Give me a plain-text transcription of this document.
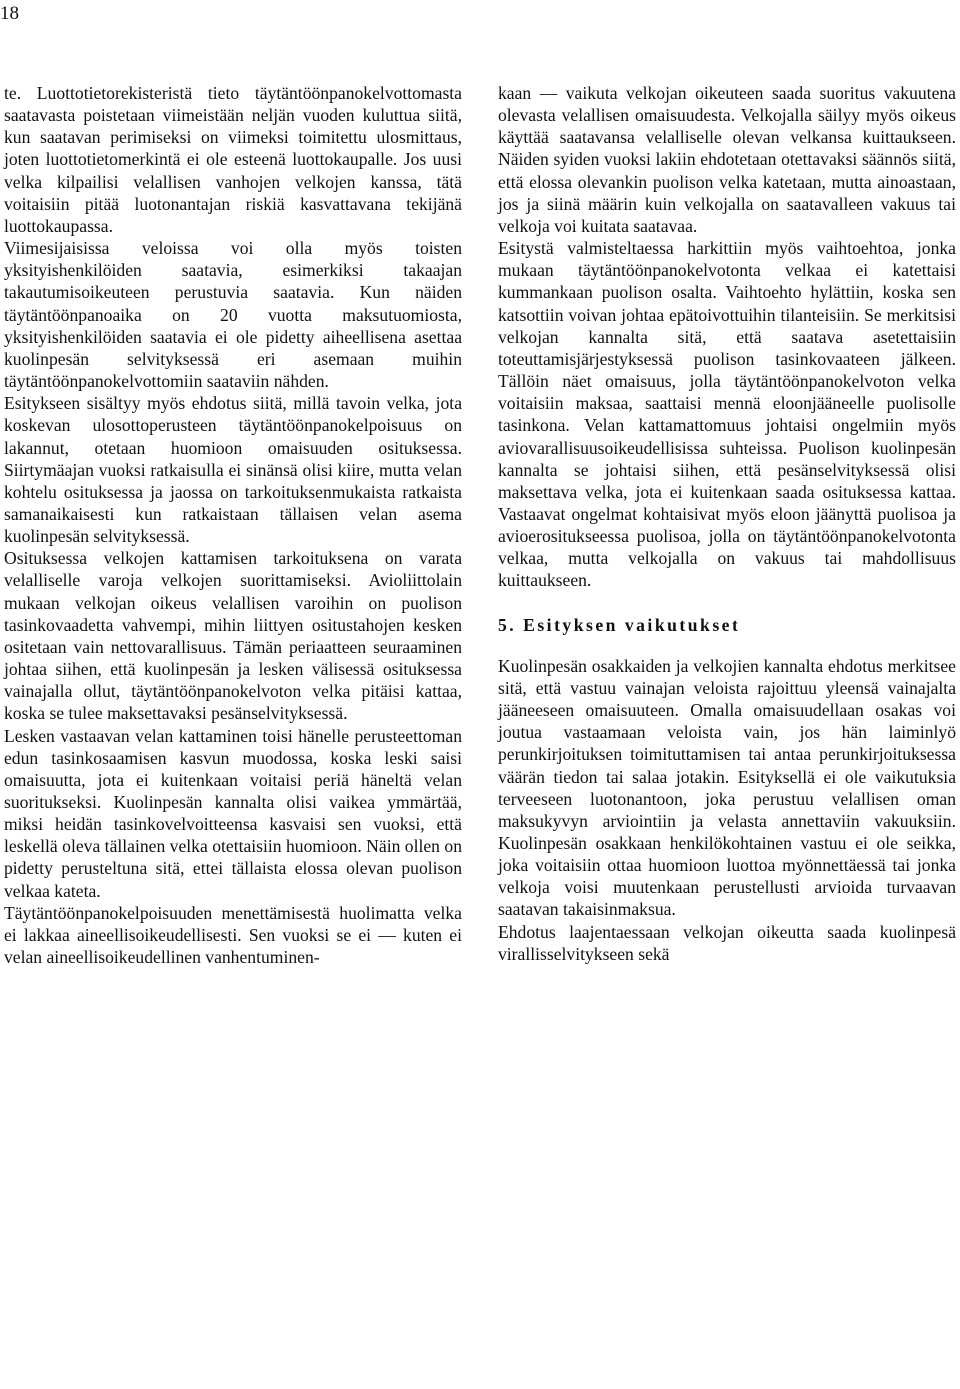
18

te. Luottotietorekisteristä tieto täytäntöönpanokelvottomasta saatavasta poistetaan viimeistään neljän vuoden kuluttua siitä, kun saatavan perimiseksi on viimeksi toimitettu ulosmittaus, joten luottotietomerkintä ei ole esteenä luottokaupalle. Jos uusi velka kilpailisi velallisen vanhojen velkojen kanssa, tätä voitaisiin pitää luotonantajan riskiä kasvattavana tekijänä luottokaupassa.

Viimesijaisissa veloissa voi olla myös toisten yksityishenkilöiden saatavia, esimerkiksi takaajan takautumisoikeuteen perustuvia saatavia. Kun näiden täytäntöönpanoaika on 20 vuotta maksutuomiosta, yksityishenkilöiden saatavia ei ole pidetty aiheellisena asettaa kuolinpesän selvityksessä eri asemaan muihin täytäntöönpanokelvottomiin saataviin nähden.

Esitykseen sisältyy myös ehdotus siitä, millä tavoin velka, jota koskevan ulosottoperusteen täytäntöönpanokelpoisuus on lakannut, otetaan huomioon omaisuuden osituksessa. Siirtymäajan vuoksi ratkaisulla ei sinänsä olisi kiire, mutta velan kohtelu osituksessa ja jaossa on tarkoituksenmukaista ratkaista samanaikaisesti kun ratkaistaan tällaisen velan asema kuolinpesän selvityksessä.

Osituksessa velkojen kattamisen tarkoituksena on varata velalliselle varoja velkojen suorittamiseksi. Avioliittolain mukaan velkojan oikeus velallisen varoihin on puolison tasinkovaadetta vahvempi, mihin liittyen ositustahojen kesken ositetaan vain nettovarallisuus. Tämän periaatteen seuraaminen johtaa siihen, että kuolinpesän ja lesken välisessä osituksessa vainajalla ollut, täytäntöönpanokelvoton velka pitäisi kattaa, koska se tulee maksettavaksi pesänselvityksessä.

Lesken vastaavan velan kattaminen toisi hänelle perusteettoman edun tasinkosaamisen kasvun muodossa, koska leski saisi omaisuutta, jota ei kuitenkaan voitaisi periä häneltä velan suoritukseksi. Kuolinpesän kannalta olisi vaikea ymmärtää, miksi heidän tasinkovelvoitteensa kasvaisi sen vuoksi, että leskellä oleva tällainen velka otettaisiin huomioon. Näin ollen on pidetty perusteltuna sitä, ettei tällaista elossa olevan puolison velkaa kateta.

Täytäntöönpanokelpoisuuden menettämisestä huolimatta velka ei lakkaa aineellisoikeudellisesti. Sen vuoksi se ei — kuten ei velan aineellisoikeudellinen vanhentuminen-

kaan — vaikuta velkojan oikeuteen saada suoritus vakuutena olevasta velallisen omaisuudesta. Velkojalla säilyy myös oikeus käyttää saatavansa velalliselle olevan velkansa kuittaukseen. Näiden syiden vuoksi lakiin ehdotetaan otettavaksi säännös siitä, että elossa olevankin puolison velka katetaan, mutta ainoastaan, jos ja siinä määrin kuin velkojalla on saatavalleen vakuus tai velkoja voi kuitata saatavaa.

Esitystä valmisteltaessa harkittiin myös vaihtoehtoa, jonka mukaan täytäntöönpanokelvotonta velkaa ei katettaisi kummankaan puolison osalta. Vaihtoehto hylättiin, koska sen katsottiin voivan johtaa epätoivottuihin tilanteisiin. Se merkitsisi velkojan kannalta sitä, että saatava asetettaisiin toteuttamisjärjestyksessä puolison tasinkovaateen jälkeen. Tällöin näet omaisuus, jolla täytäntöönpanokelvoton velka voitaisiin maksaa, saattaisi mennä eloonjääneelle puolisolle tasinkona. Velan kattamattomuus johtaisi ongelmiin myös aviovarallisuusoikeudellisissa suhteissa. Puolison kuolinpesän kannalta se johtaisi siihen, että pesänselvityksessä olisi maksettava velka, jota ei kuitenkaan saada osituksessa kattaa. Vastaavat ongelmat kohtaisivat myös eloon jäänyttä puolisoa ja avioerositukseessa puolisoa, jolla on täytäntöönpanokelvotonta velkaa, mutta velkojalla on vakuus tai mahdollisuus kuittaukseen.

5. Esityksen vaikutukset

Kuolinpesän osakkaiden ja velkojien kannalta ehdotus merkitsee sitä, että vastuu vainajan veloista rajoittuu yleensä vainajalta jääneeseen omaisuuteen. Omalla omaisuudellaan osakas voi joutua vastaamaan veloista vain, jos hän laiminlyö perunkirjoituksen toimituttamisen tai antaa perunkirjoituksessa väärän tiedon tai salaa jotakin. Esityksellä ei ole vaikutuksia terveeseen luotonantoon, joka perustuu velallisen oman maksukyvyn arviointiin ja velasta annettaviin vakuuksiin. Kuolinpesän osakkaan henkilökohtainen vastuu ei ole seikka, joka voitaisiin ottaa huomioon luottoa myönnettäessä tai jonka velkoja voisi muutenkaan perustellusti arvioida turvaavan saatavan takaisinmaksua.

Ehdotus laajentaessaan velkojan oikeutta saada kuolinpesä virallisselvitykseen sekä
